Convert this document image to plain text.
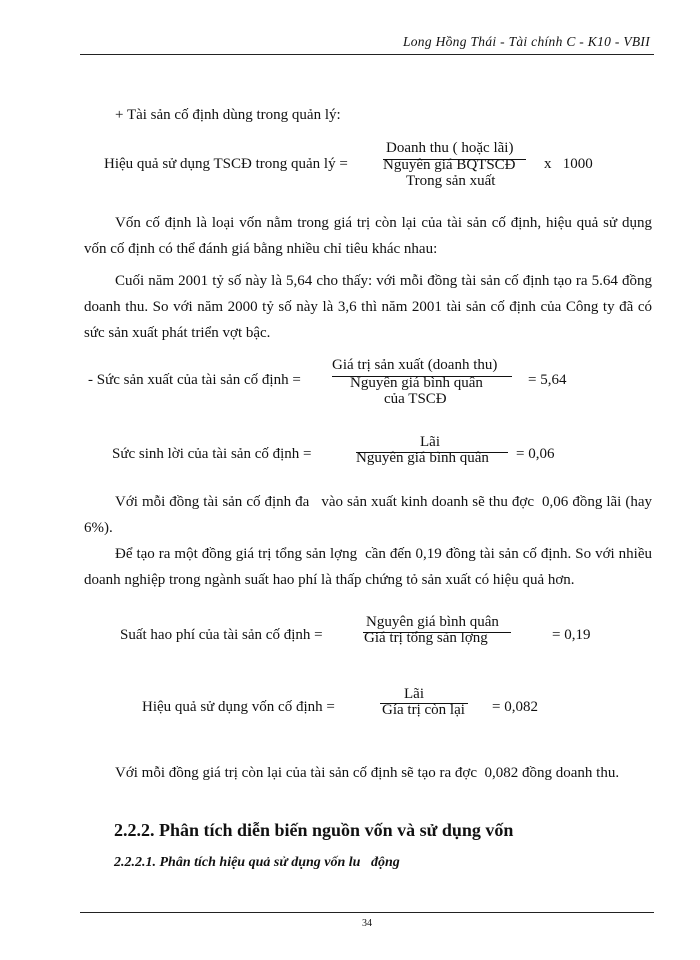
Long Hồng Thái - Tài chính C - K10 - VBII
+ Tài sản cố định dùng trong quản lý:
Hiệu quả sử dụng TSCĐ trong quản lý =
Doanh thu ( hoặc lãi)
Nguyên giá BQTSCĐ
Trong sản xuất
x   1000
Vốn cố định là loại vốn nằm trong giá trị còn lại của tài sản cố định, hiệu quả sử dụng vốn cố định có thể đánh giá bằng nhiều chỉ tiêu khác nhau:
Cuối năm 2001 tỷ số này là 5,64 cho thấy: với mỗi đồng tài sản cố định tạo ra 5.64 đồng doanh thu. So với năm 2000 tỷ số này là 3,6 thì năm 2001 tài sản cố định của Công ty đã có sức sản xuất phát triển vợt bậc.
- Sức sản xuất của tài sản cố định =
Giá trị sản xuất (doanh thu)
Nguyên giá bình quân
của TSCĐ
= 5,64
Sức sinh lời của tài sản cố định =
Lãi
Nguyên giá bình quân = 0,06
Với mỗi đồng tài sản cố định đa   vào sản xuất kinh doanh sẽ thu đợc  0,06 đồng lãi (hay 6%).
Để tạo ra một đồng giá trị tổng sản lợng  cần đến 0,19 đồng tài sản cố định. So với nhiều doanh nghiệp trong ngành suất hao phí là thấp chứng tỏ sản xuất có hiệu quả hơn.
Suất hao phí của tài sản cố định =
Nguyên giá bình quân
Giá trị tổng sản lợng	= 0,19
Hiệu quả sử dụng vốn cố định =
Lãi
Gía trị còn lại = 0,082
Với mỗi đồng giá trị còn lại của tài sản cố định sẽ tạo ra đợc  0,082 đồng doanh thu.
2.2.2. Phân tích diễn biến nguồn vốn và sử dụng vốn
2.2.2.1. Phân tích hiệu quả sử dụng vốn lu   động
34
